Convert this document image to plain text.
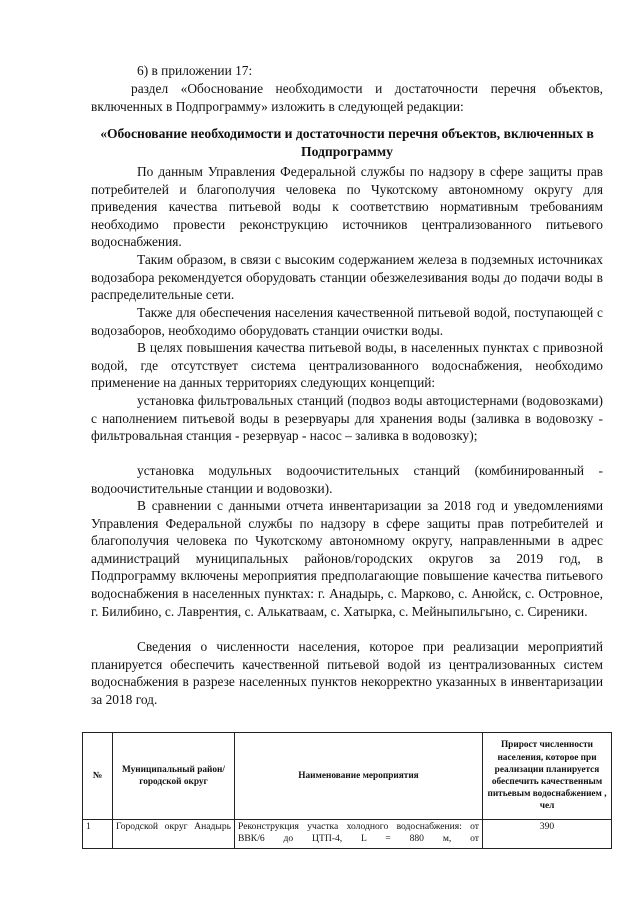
6) в приложении 17:

раздел «Обоснование необходимости и достаточности перечня объектов, включенных в Подпрограмму» изложить в следующей редакции:

«Обоснование необходимости и достаточности перечня объектов, включенных в Подпрограмму

По данным Управления Федеральной службы по надзору в сфере защиты прав потребителей и благополучия человека по Чукотскому автономному округу для приведения качества питьевой воды к соответствию нормативным требованиям необходимо провести реконструкцию источников централизованного питьевого водоснабжения.

Таким образом, в связи с высоким содержанием железа в подземных источниках водозабора рекомендуется оборудовать станции обезжелезивания воды до подачи воды в распределительные сети.

Также для обеспечения населения качественной питьевой водой, поступающей с водозаборов, необходимо оборудовать станции очистки воды.

В целях повышения качества питьевой воды, в населенных пунктах с привозной водой, где отсутствует система централизованного водоснабжения, необходимо применение на данных территориях следующих концепций:

установка фильтровальных станций (подвоз воды автоцистернами (водовозками) с наполнением питьевой воды в резервуары для хранения воды (заливка в водовозку - фильтровальная станция - резервуар - насос – заливка в водовозку);

установка модульных водоочистительных станций (комбинированный - водоочистительные станции и водовозки).

В сравнении с данными отчета инвентаризации за 2018 год и уведомлениями Управления Федеральной службы по надзору в сфере защиты прав потребителей и благополучия человека по Чукотскому автономному округу, направленными в адрес администраций муниципальных районов/городских округов за 2019 год, в Подпрограмму включены мероприятия предполагающие повышение качества питьевого водоснабжения в населенных пунктах: г. Анадырь, с. Марково, с. Анюйск, с. Островное, г. Билибино, с. Лаврентия, с. Алькатваам, с. Хатырка, с. Мейныпильгыно, с. Сиреники.

Сведения о численности населения, которое при реализации мероприятий планируется обеспечить качественной питьевой водой из централизованных систем водоснабжения в разрезе населенных пунктов некорректно указанных в инвентаризации за 2018 год.

№	Муниципальный район/городской округ	Наименование мероприятия	Прирост численности населения, которое при реализации планируется обеспечить качественным питьевым водоснабжением , чел

1	Городской округ Анадырь	Реконструкция участка холодного водоснабжения: от ВВК/6 до ЦТП-4, L = 880 м, от	390
